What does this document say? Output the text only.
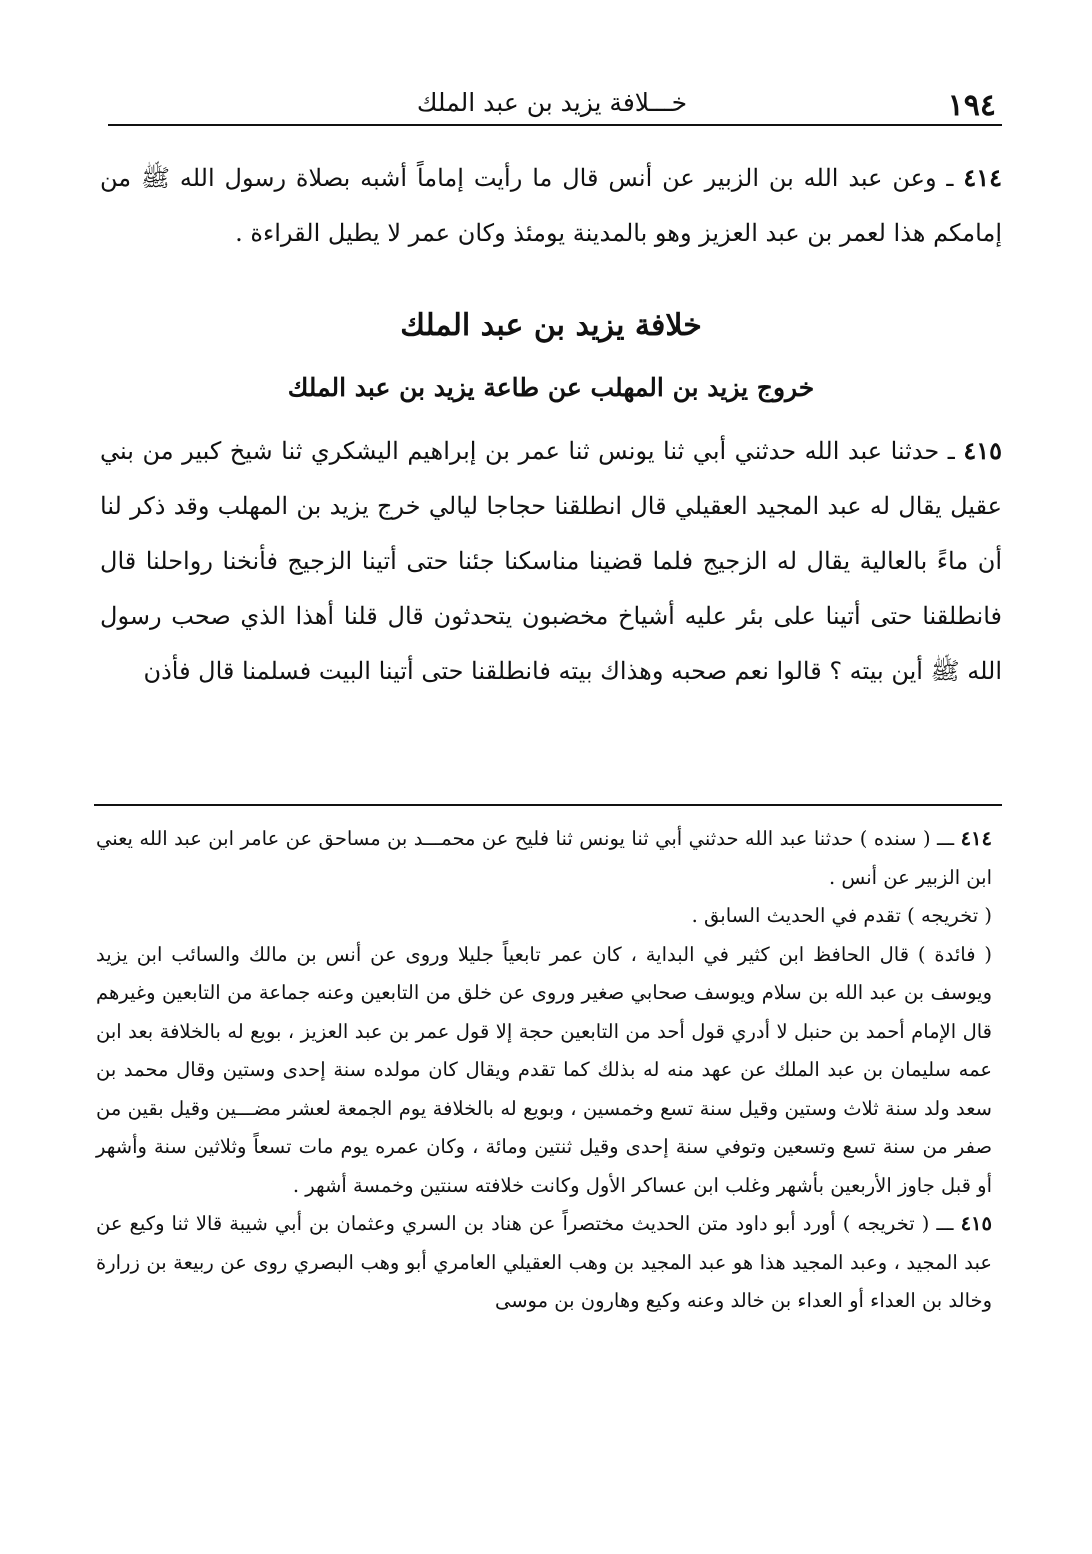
١٩٤
خـــلافة يزيد بن عبد الملك

٤١٤ ـ وعن عبد الله بن الزبير عن أنس قال ما رأيت إماماً أشبه بصلاة رسول الله ﷺ من إمامكم هذا لعمر بن عبد العزيز وهو بالمدينة يومئذ وكان عمر لا يطيل القراءة .

خلافة يزيد بن عبد الملك
خروج يزيد بن المهلب عن طاعة يزيد بن عبد الملك

٤١٥ ـ حدثنا عبد الله حدثني أبي ثنا يونس ثنا عمر بن إبراهيم اليشكري ثنا شيخ كبير من بني عقيل يقال له عبد المجيد العقيلي قال انطلقنا حجاجا ليالي خرج يزيد بن المهلب وقد ذكر لنا أن ماءً بالعالية يقال له الزجيج فلما قضينا مناسكنا جئنا حتى أتينا الزجيج فأنخنا رواحلنا قال فانطلقنا حتى أتينا على بئر عليه أشياخ مخضبون يتحدثون قال قلنا أهذا الذي صحب رسول الله ﷺ أين بيته ؟ قالوا نعم صحبه وهذاك بيته فانطلقنا حتى أتينا البيت فسلمنا قال فأذن

٤١٤ ـــ ( سنده ) حدثنا عبد الله حدثني أبي ثنا يونس ثنا فليح عن محمـــد بن مساحق عن عامر ابن عبد الله يعني ابن الزبير عن أنس .

( تخريجه ) تقدم في الحديث السابق .

( فائدة ) قال الحافظ ابن كثير في البداية ، كان عمر تابعياً جليلا وروى عن أنس بن مالك والسائب ابن يزيد ويوسف بن عبد الله بن سلام ويوسف صحابي صغير وروى عن خلق من التابعين وعنه جماعة من التابعين وغيرهم قال الإمام أحمد بن حنبل لا أدري قول أحد من التابعين حجة إلا قول عمر بن عبد العزيز ، بويع له بالخلافة بعد ابن عمه سليمان بن عبد الملك عن عهد منه له بذلك كما تقدم ويقال كان مولده سنة إحدى وستين وقال محمد بن سعد ولد سنة ثلاث وستين وقيل سنة تسع وخمسين ، وبويع له بالخلافة يوم الجمعة لعشر مضـــين وقيل بقين من صفر من سنة تسع وتسعين وتوفي سنة إحدى وقيل ثنتين ومائة ، وكان عمره يوم مات تسعاً وثلاثين سنة وأشهر أو قبل جاوز الأربعين بأشهر وغلب ابن عساكر الأول وكانت خلافته سنتين وخمسة أشهر .

٤١٥ ـــ ( تخريجه ) أورد أبو داود متن الحديث مختصراً عن هناد بن السري وعثمان بن أبي شيبة قالا ثنا وكيع عن عبد المجيد ، وعبد المجيد هذا هو عبد المجيد بن وهب العقيلي العامري أبو وهب البصري روى عن ربيعة بن زرارة وخالد بن العداء أو العداء بن خالد وعنه وكيع وهارون بن موسى
